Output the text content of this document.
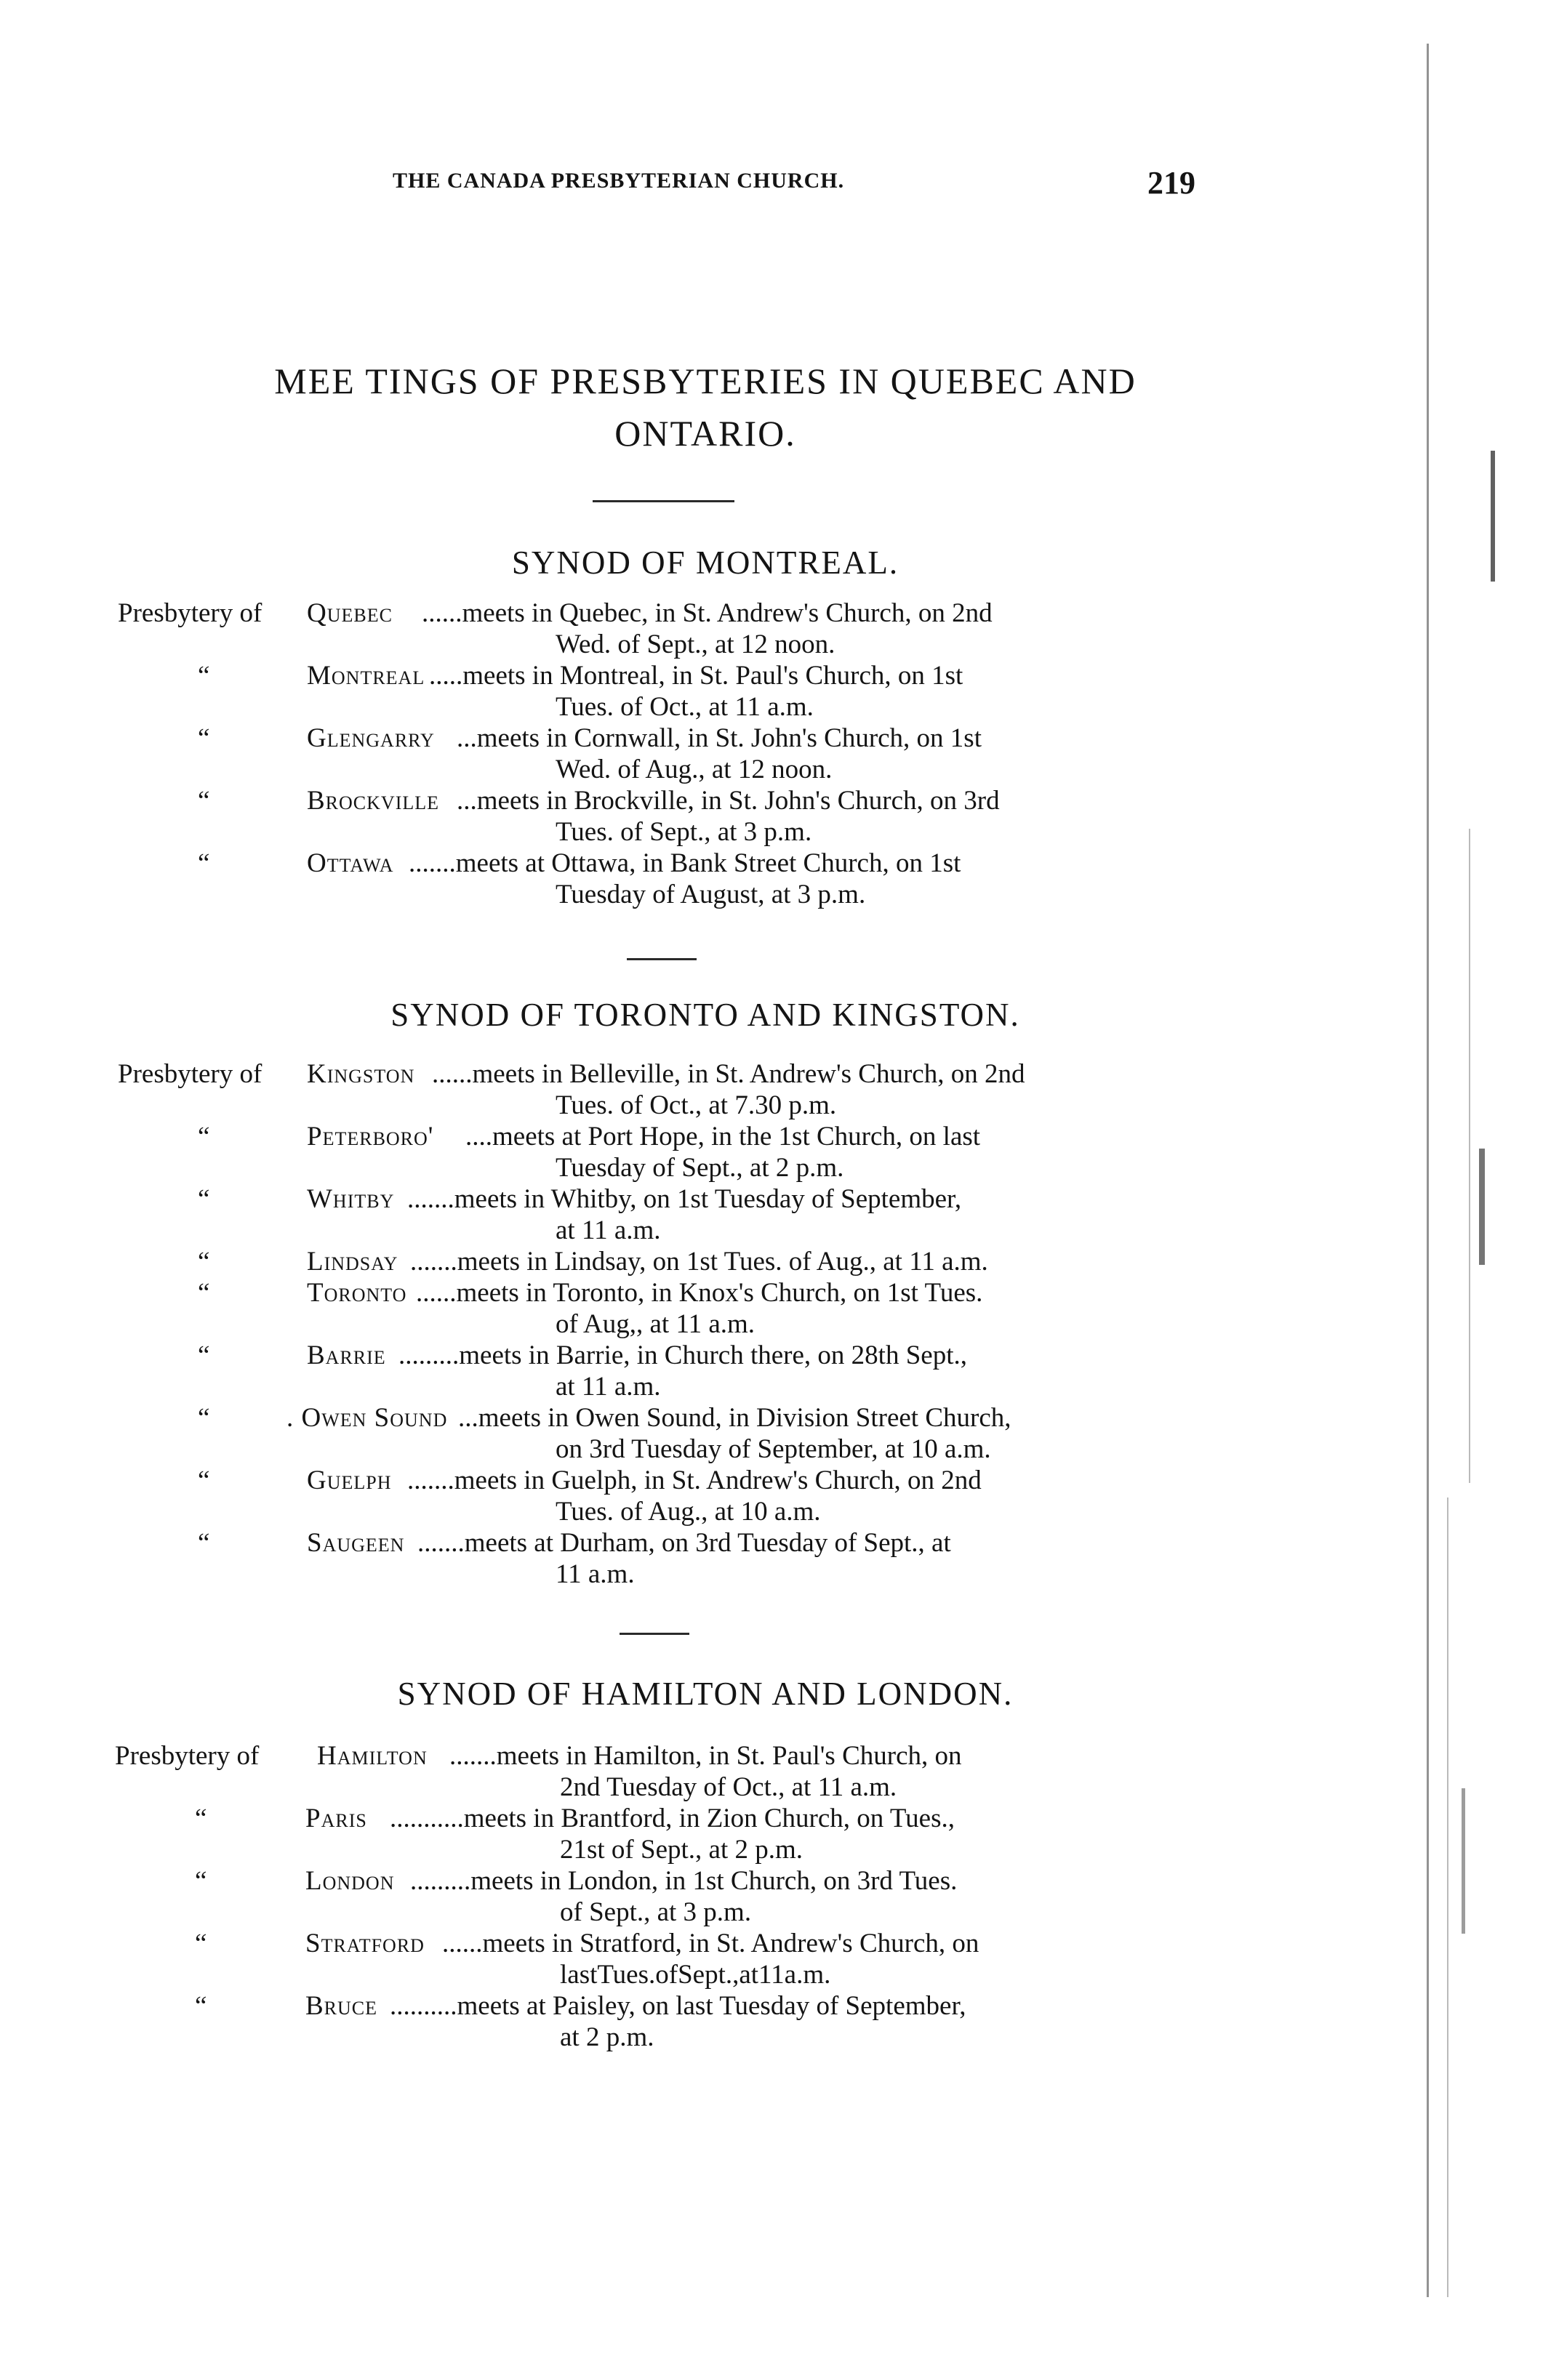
THE CANADA PRESBYTERIAN CHURCH.	219
MEE TINGS OF PRESBYTERIES IN QUEBEC AND
ONTARIO.
SYNOD OF MONTREAL.
Presbytery of Quebec ......meets in Quebec, in St. Andrew's Church, on 2nd
Wed. of Sept., at 12 noon.
“	Montreal .....meets in Montreal, in St. Paul's Church, on 1st
Tues. of Oct., at 11 a.m.
“	Glengarry ...meets in Cornwall, in St. John's Church, on 1st
Wed. of Aug., at 12 noon.
“	Brockville ...meets in Brockville, in St. John's Church, on 3rd
Tues. of Sept., at 3 p.m.
“	Ottawa .......meets at Ottawa, in Bank Street Church, on 1st
Tuesday of August, at 3 p.m.
SYNOD OF TORONTO AND KINGSTON.
Presbytery of Kingston ......meets in Belleville, in St. Andrew's Church, on 2nd
Tues. of Oct., at 7.30 p.m.
“	Peterboro' ....meets at Port Hope, in the 1st Church, on last
Tuesday of Sept., at 2 p.m.
“	Whitby .......meets in Whitby, on 1st Tuesday of September,
at 11 a.m.
“	Lindsay .......meets in Lindsay, on 1st Tues. of Aug., at 11 a.m.
“	Toronto ......meets in Toronto, in Knox's Church, on 1st Tues.
of Aug,, at 11 a.m.
“	Barrie .........meets in Barrie, in Church there, on 28th Sept.,
at 11 a.m.
“	. Owen Sound ...meets in Owen Sound, in Division Street Church,
on 3rd Tuesday of September, at 10 a.m.
“	Guelph .......meets in Guelph, in St. Andrew's Church, on 2nd
Tues. of Aug., at 10 a.m.
“	Saugeen .......meets at Durham, on 3rd Tuesday of Sept., at
11 a.m.
SYNOD OF HAMILTON AND LONDON.
Presbytery of Hamilton .......meets in Hamilton, in St. Paul's Church, on
2nd Tuesday of Oct., at 11 a.m.
“	Paris ...........meets in Brantford, in Zion Church, on Tues.,
21st of Sept., at 2 p.m.
“	London .........meets in London, in 1st Church, on 3rd Tues.
of Sept., at 3 p.m.
“	Stratford ......meets in Stratford, in St. Andrew's Church, on
lastTues.ofSept.,at11a.m.
“	Bruce ..........meets at Paisley, on last Tuesday of September,
at 2 p.m.
